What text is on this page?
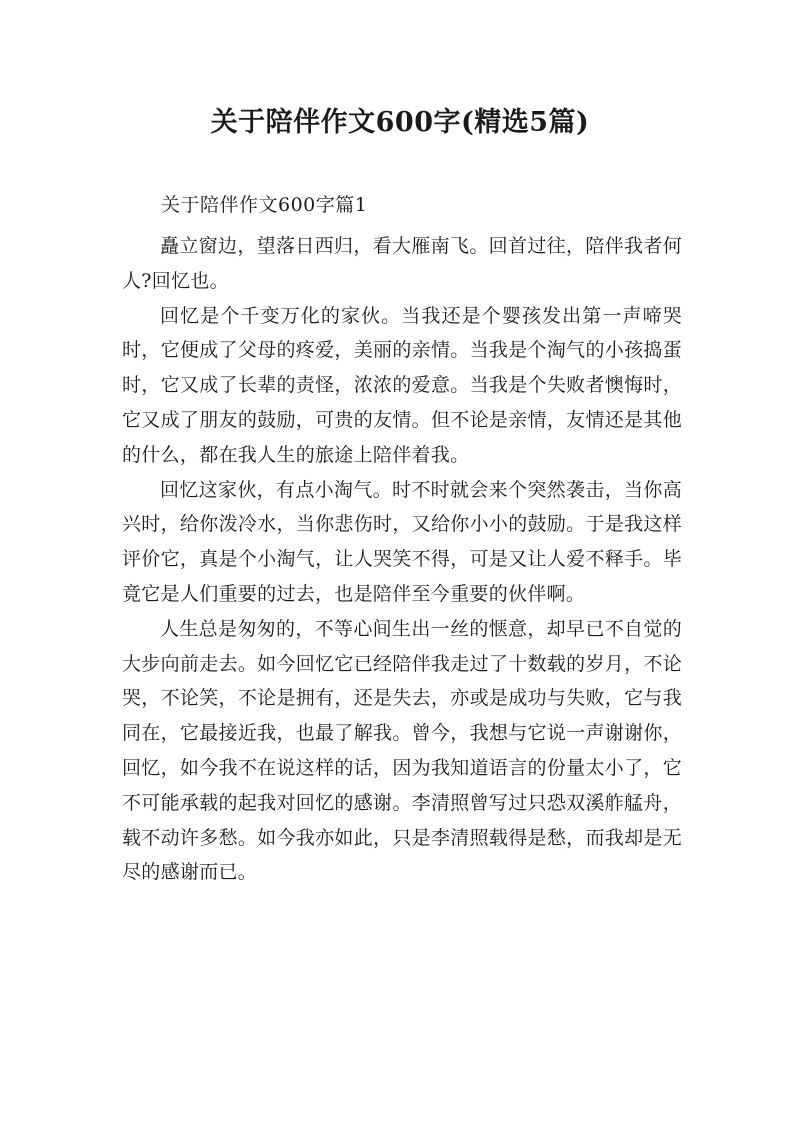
关于陪伴作文600字(精选5篇)
关于陪伴作文600字篇1

矗立窗边，望落日西归，看大雁南飞。回首过往，陪伴我者何人?回忆也。

回忆是个千变万化的家伙。当我还是个婴孩发出第一声啼哭时，它便成了父母的疼爱，美丽的亲情。当我是个淘气的小孩捣蛋时，它又成了长辈的责怪，浓浓的爱意。当我是个失败者懊悔时，它又成了朋友的鼓励，可贵的友情。但不论是亲情，友情还是其他的什么，都在我人生的旅途上陪伴着我。

回忆这家伙，有点小淘气。时不时就会来个突然袭击，当你高兴时，给你泼冷水，当你悲伤时，又给你小小的鼓励。于是我这样评价它，真是个小淘气，让人哭笑不得，可是又让人爱不释手。毕竟它是人们重要的过去，也是陪伴至今重要的伙伴啊。

人生总是匆匆的，不等心间生出一丝的惬意，却早已不自觉的大步向前走去。如今回忆它已经陪伴我走过了十数载的岁月，不论哭，不论笑，不论是拥有，还是失去，亦或是成功与失败，它与我同在，它最接近我，也最了解我。曾今，我想与它说一声谢谢你，回忆，如今我不在说这样的话，因为我知道语言的份量太小了，它不可能承载的起我对回忆的感谢。李清照曾写过只恐双溪舴艋舟，载不动许多愁。如今我亦如此，只是李清照载得是愁，而我却是无尽的感谢而已。
